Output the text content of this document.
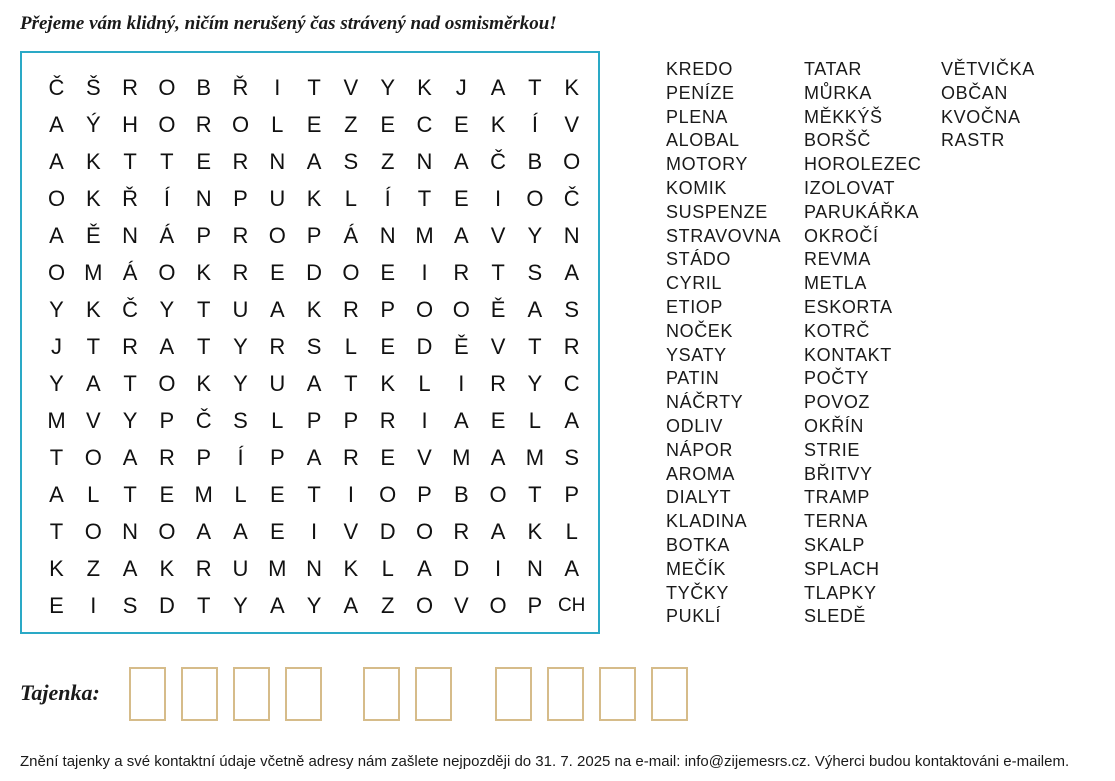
Přejeme vám klidný, ničím nerušený čas strávený nad osmisměrkou!
Č Š R O B Ř	I	T	V	Y	K	J	A	T	K
A	Ý H O R O	L	E	Z	E C E	K	Í	V
A	K	T	T	E R N A	S	Z	N A Č B O
O K Ř	Í	N P U K	L	Í	T	E	I	O Č
A	Ě N Á	P R O P	Á N M A	V	Y N
O M Á O K R E D O E	I	R	T	S	A
Y	K Č Y	T	U A	K R P O O Ě	A	S
J	T	R A	T	Y R S	L	E D Ě	V	T	R
Y	A	T O K	Y U A	T	K	L	I	R Y C
M V	Y	P Č S	L	P	P R	I	A	E	L	A
T O A R P	Í	P	A R E	V M A M S
A	L	T	E M L	E	T	I	O P	B O T	P
T O N O A	A	E	I	V D O R A	K	L
K	Z	A	K R U M N K	L	A D	I	N A
E	I	S D	T	Y	A	Y	A	Z O V O P CH
KREDO
PENÍZE
PLENA
ALOBAL
MOTORY
KOMIK
SUSPENZE
STRAVOVNA
STÁDO
CYRIL
ETIOP
NOČEK
YSATY
PATIN
NÁČRTY
ODLIV
NÁPOR
AROMA
DIALYT
KLADINA
BOTKA
MEČÍK
TYČKY
PUKLÍ
TATAR
MŮRKA
MĚKKÝŠ
BORŠČ
HOROLEZEC
IZOLOVAT
PARUKÁŘKA
OKROČÍ
REVMA
METLA
ESKORTA
KOTRČ
KONTAKT
POČTY
POVOZ
OKŘÍN
STRIE
BŘITVY
TRAMP
TERNA
SKALP
SPLACH
TLAPKY
SLEDĚ
VĚTVIČKA
OBČAN
KVOČNA
RASTR
Tajenka:
Znění tajenky a své kontaktní údaje včetně adresy nám zašlete nejpozději do 31. 7. 2025 na e-mail: info@zijemesrs.cz. Výherci budou kontaktováni e-mailem.
